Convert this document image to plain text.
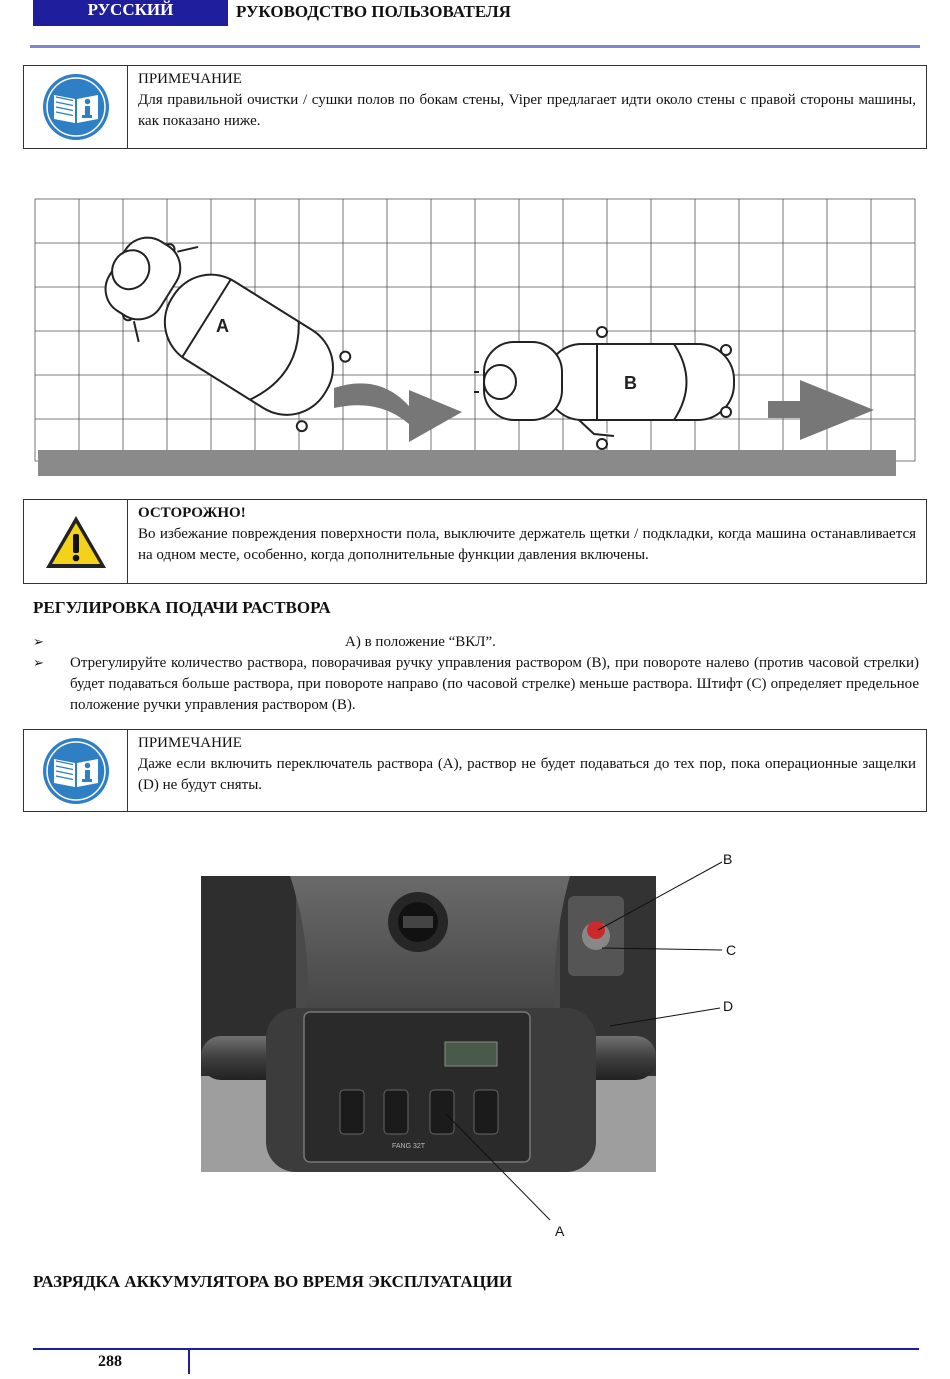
РУССКИЙ	РУКОВОДСТВО ПОЛЬЗОВАТЕЛЯ
ПРИМЕЧАНИЕ
Для правильной очистки / сушки полов по бокам стены, Viper предлагает идти около стены с правой стороны машины, как показано ниже.
A
B
ОСТОРОЖНО!
Во избежание повреждения поверхности пола, выключите держатель щетки / подкладки, когда машина останавливается на одном месте, особенно, когда дополнительные функции давления включены.
РЕГУЛИРОВКА ПОДАЧИ РАСТВОРА
➢	А) в положение “ВКЛ”.
➢ Отрегулируйте количество раствора, поворачивая ручку управления раствором (В), при повороте налево (против часовой стрелки) будет подаваться больше раствора, при повороте направо (по часовой стрелке) меньше раствора. Штифт (С) определяет предельное положение ручки управления раствором (В).
ПРИМЕЧАНИЕ
Даже если включить переключатель раствора (А), раствор не будет подаваться до тех пор, пока операционные защелки (D) не будут сняты.
FANG 32T
B
C
D
A
РАЗРЯДКА АККУМУЛЯТОРА ВО ВРЕМЯ ЭКСПЛУАТАЦИИ
288
